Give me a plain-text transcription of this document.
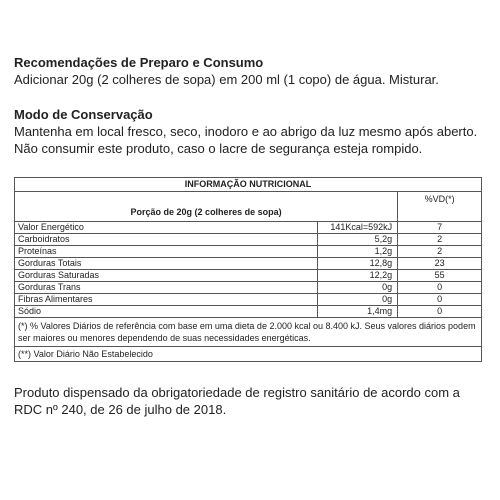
Recomendações de Preparo e Consumo
Adicionar 20g (2 colheres de sopa) em 200 ml (1 copo) de água. Misturar.
Modo de Conservação
Mantenha em local fresco, seco, inodoro e ao abrigo da luz mesmo após aberto. Não consumir este produto, caso o lacre de segurança esteja rompido.
INFORMAÇÃO NUTRICIONAL		
Porção de 20g (2 colheres de sopa)		%VD(*)
Valor Energético	141Kcal=592kJ	7
Carboidratos	5,2g	2
Proteínas	1,2g	2
Gorduras Totais	12,8g	23
Gorduras Saturadas	12,2g	55
Gorduras Trans	0g	0
Fibras Alimentares	0g	0
Sódio	1,4mg	0
(*) % Valores Diários de referência com base em uma dieta de 2.000 kcal ou 8.400 kJ. Seus valores diários podem ser maiores ou menores dependendo de suas necessidades energéticas.		
(**) Valor Diário Não Estabelecido		
Produto dispensado da obrigatoriedade de registro sanitário de acordo com a RDC nº 240, de 26 de julho de 2018.
